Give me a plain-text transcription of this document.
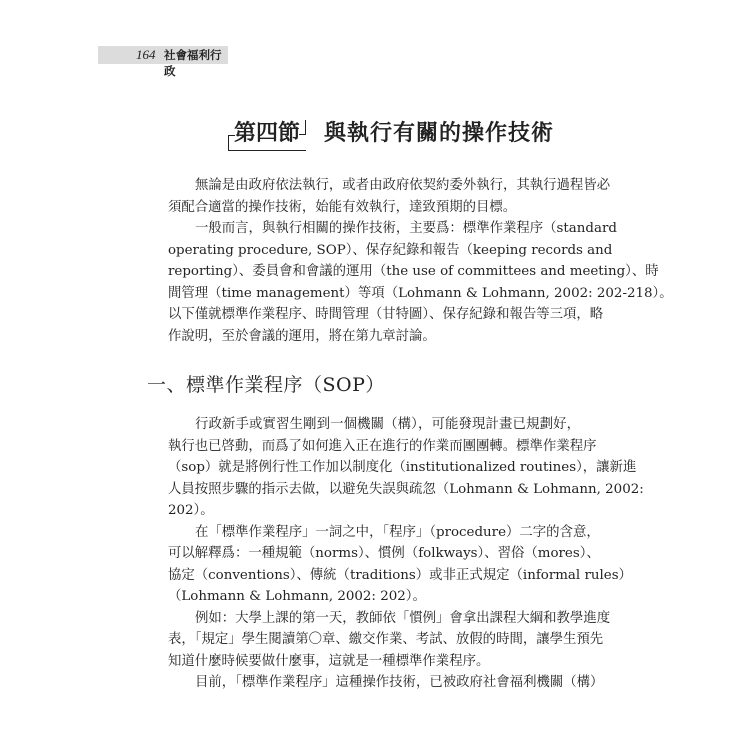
164 社會福利行政
第四節 與執行有關的操作技術
無論是由政府依法執行，或者由政府依契約委外執行，其執行過程皆必
須配合適當的操作技術，始能有效執行，達致預期的目標。
一般而言，與執行相關的操作技術，主要爲：標準作業程序（standard
operating procedure, SOP）、保存紀錄和報告（keeping records and
reporting）、委員會和會議的運用（the use of committees and meeting）、時
間管理（time management）等項（Lohmann & Lohmann, 2002: 202-218）。
以下僅就標準作業程序、時間管理（甘特圖）、保存紀錄和報告等三項，略
作說明，至於會議的運用，將在第九章討論。
一、標準作業程序（SOP）
行政新手或實習生剛到一個機關（構），可能發現計畫已規劃好，
執行也已啓動，而爲了如何進入正在進行的作業而團團轉。標準作業程序
（sop）就是將例行性工作加以制度化（institutionalized routines），讓新進
人員按照步驟的指示去做，以避免失誤與疏忽（Lohmann & Lohmann, 2002:
202）。
在「標準作業程序」一詞之中，「程序」（procedure）二字的含意，
可以解釋爲：一種規範（norms）、慣例（folkways）、習俗（mores）、
協定（conventions）、傳統（traditions）或非正式規定（informal rules）
（Lohmann & Lohmann, 2002: 202）。
例如：大學上課的第一天，教師依「慣例」會拿出課程大綱和教學進度
表，「規定」學生閱讀第〇章、繳交作業、考試、放假的時間，讓學生預先
知道什麼時候要做什麼事，這就是一種標準作業程序。
目前，「標準作業程序」這種操作技術，已被政府社會福利機關（構）
